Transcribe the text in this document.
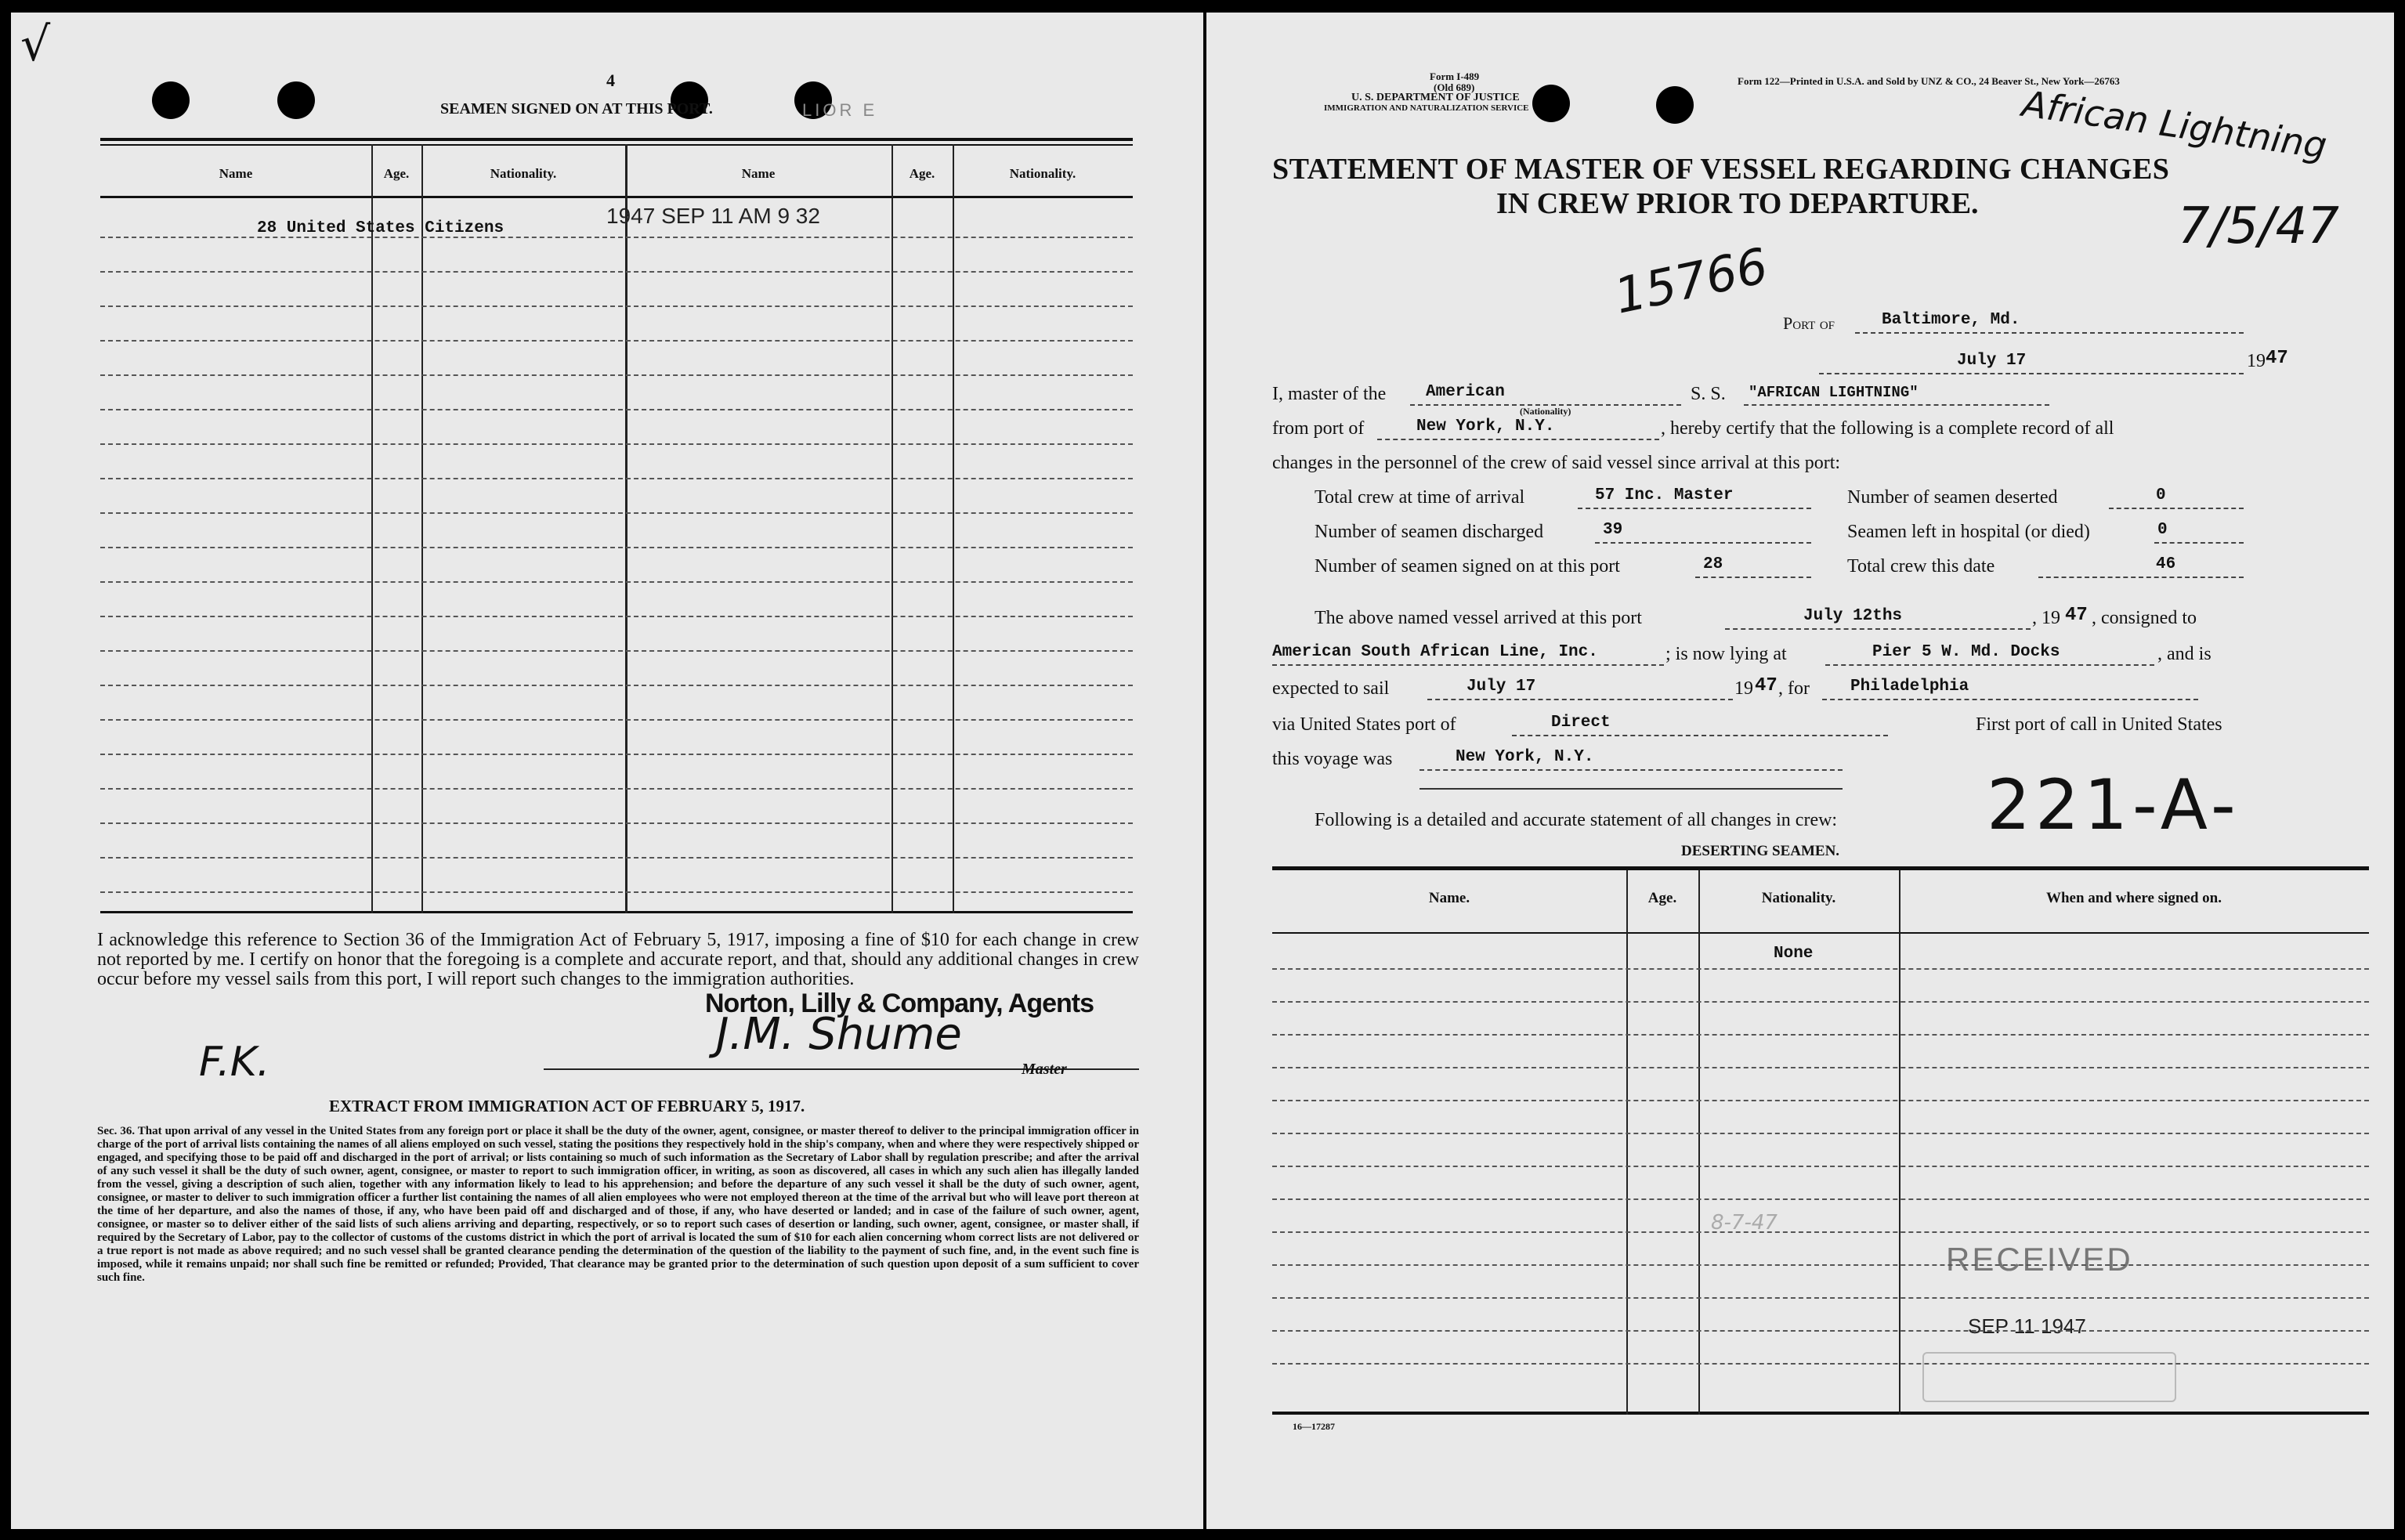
√
4
SEAMEN SIGNED ON AT THIS PORT.	LIOR E
Name	Age.	Nationality.	Name	Age.	Nationality.
28 United States Citizens
1947 SEP 11 AM 9 32
I acknowledge this reference to Section 36 of the Immigration Act of February 5, 1917, imposing a fine of $10 for each change in crew not reported by me. I certify on honor that the foregoing is a complete and accurate report, and that, should any additional changes in crew occur before my vessel sails from this port, I will report such changes to the immigration authorities.
Norton, Lilly & Company, Agents
J.M. Shume
Master
F.K.
EXTRACT FROM IMMIGRATION ACT OF FEBRUARY 5, 1917.
Sec. 36. That upon arrival of any vessel in the United States from any foreign port or place it shall be the duty of the owner, agent, consignee, or master thereof to deliver to the principal immigration officer in charge of the port of arrival lists containing the names of all aliens employed on such vessel, stating the positions they respectively hold in the ship's company, when and where they were respectively shipped or engaged, and specifying those to be paid off and discharged in the port of arrival; or lists containing so much of such information as the Secretary of Labor shall by regulation prescribe; and after the arrival of any such vessel it shall be the duty of such owner, agent, consignee, or master to report to such immigration officer, in writing, as soon as discovered, all cases in which any such alien has illegally landed from the vessel, giving a description of such alien, together with any information likely to lead to his apprehension; and before the departure of any such vessel it shall be the duty of such owner, agent, consignee, or master to deliver to such immigration officer a further list containing the names of all alien employees who were not employed thereon at the time of the arrival but who will leave port thereon at the time of her departure, and also the names of those, if any, who have been paid off and discharged and of those, if any, who have deserted or landed; and in case of the failure of such owner, agent, consignee, or master so to deliver either of the said lists of such aliens arriving and departing, respectively, or so to report such cases of desertion or landing, such owner, agent, consignee, or master shall, if required by the Secretary of Labor, pay to the collector of customs of the customs district in which the port of arrival is located the sum of $10 for each alien concerning whom correct lists are not delivered or a true report is not made as above required; and no such vessel shall be granted clearance pending the determination of the question of the liability to the payment of such fine, and, in the event such fine is imposed, while it remains unpaid; nor shall such fine be remitted or refunded; Provided, That clearance may be granted prior to the determination of such question upon deposit of a sum sufficient to cover such fine.
Form I-489
(Old 689)
U. S. DEPARTMENT OF JUSTICE
IMMIGRATION AND NATURALIZATION SERVICE
Form 122—Printed in U.S.A. and Sold by UNZ & CO., 24 Beaver St., New York—26763
African Lightning
7/5/47
15766
STATEMENT OF MASTER OF VESSEL REGARDING CHANGES
IN CREW PRIOR TO DEPARTURE.
Port of	Baltimore, Md.
July 17	19 47
I, master of the American
(Nationality)
S. S. "AFRICAN LIGHTNING"
from port of	New York, N.Y.	, hereby certify that the following is a complete record of all
changes in the personnel of the crew of said vessel since arrival at this port:
Total crew at time of arrival	57 Inc. Master	Number of seamen deserted	0
Number of seamen discharged	39	Seamen left in hospital (or died)	0
Number of seamen signed on at this port	28	Total crew this date	46
The above named vessel arrived at this port	July 12ths	, 19 47 , consigned to
American South African Line, Inc.	; is now lying at	Pier 5 W. Md. Docks	, and is
expected to sail	July 17	19 47 , for Philadelphia
via United States port of	Direct	First port of call in United States
this voyage was	New York, N.Y.
Following is a detailed and accurate statement of all changes in crew: 221-A-
DESERTING SEAMEN.
Name.	Age.	Nationality.	When and where signed on.
None
8-7-47
RECEIVED
SEP 11 1947
16—17287
